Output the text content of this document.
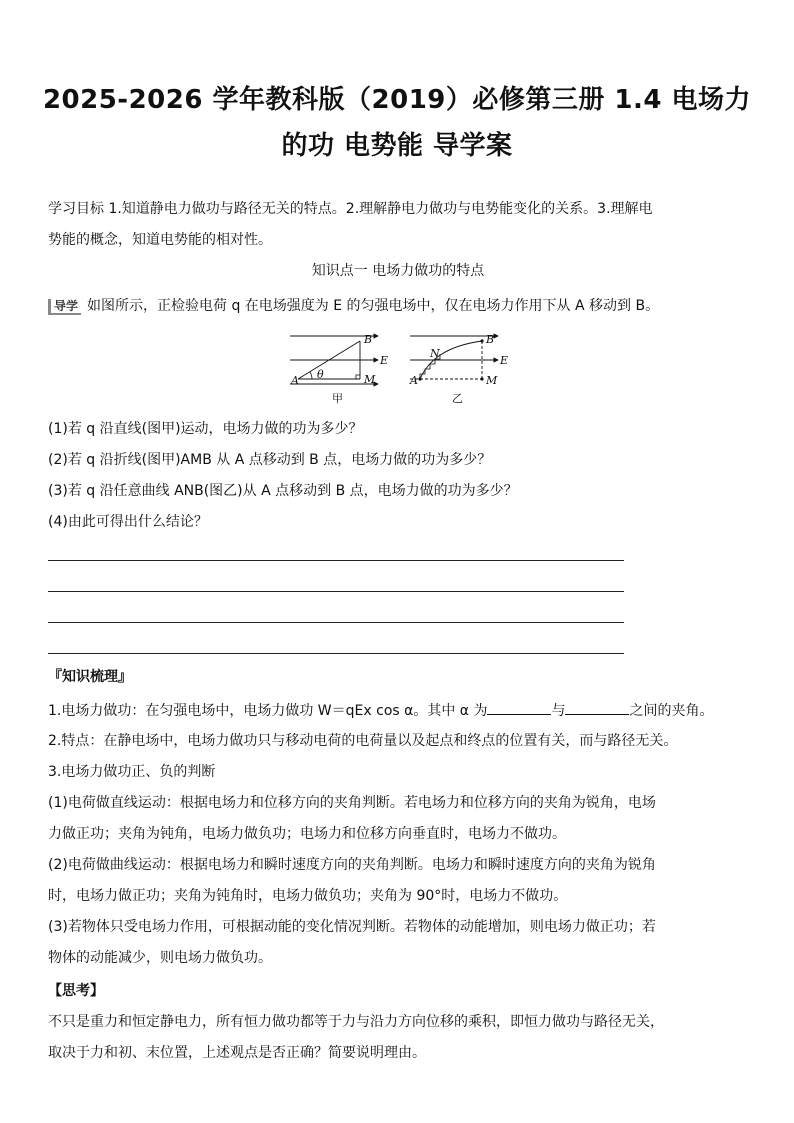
2025-2026 学年教科版（2019）必修第三册 1.4 电场力
的功 电势能 导学案
学习目标 1.知道静电力做功与路径无关的特点。2.理解静电力做功与电势能变化的关系。3.理解电
势能的概念，知道电势能的相对性。
知识点一 电场力做功的特点
导学 如图所示，正检验电荷 q 在电场强度为 E 的匀强电场中，仅在电场力作用下从 A 移动到 B。
A
B
M
E
θ
甲
A
N
B
M
E
乙
(1)若 q 沿直线(图甲)运动，电场力做的功为多少？
(2)若 q 沿折线(图甲)AMB 从 A 点移动到 B 点，电场力做的功为多少？
(3)若 q 沿任意曲线 ANB(图乙)从 A 点移动到 B 点，电场力做的功为多少？
(4)由此可得出什么结论？
『知识梳理』
1.电场力做功：在匀强电场中，电场力做功 W＝qEx cos α。其中 α 为	与	之间的夹角。
2.特点：在静电场中，电场力做功只与移动电荷的电荷量以及起点和终点的位置有关，而与路径无关。
3.电场力做功正、负的判断
(1)电荷做直线运动：根据电场力和位移方向的夹角判断。若电场力和位移方向的夹角为锐角，电场
力做正功；夹角为钝角，电场力做负功；电场力和位移方向垂直时，电场力不做功。
(2)电荷做曲线运动：根据电场力和瞬时速度方向的夹角判断。电场力和瞬时速度方向的夹角为锐角
时，电场力做正功；夹角为钝角时，电场力做负功；夹角为 90°时，电场力不做功。
(3)若物体只受电场力作用，可根据动能的变化情况判断。若物体的动能增加，则电场力做正功；若
物体的动能减少，则电场力做负功。
【思考】
不只是重力和恒定静电力，所有恒力做功都等于力与沿力方向位移的乘积，即恒力做功与路径无关，
取决于力和初、末位置，上述观点是否正确？简要说明理由。
